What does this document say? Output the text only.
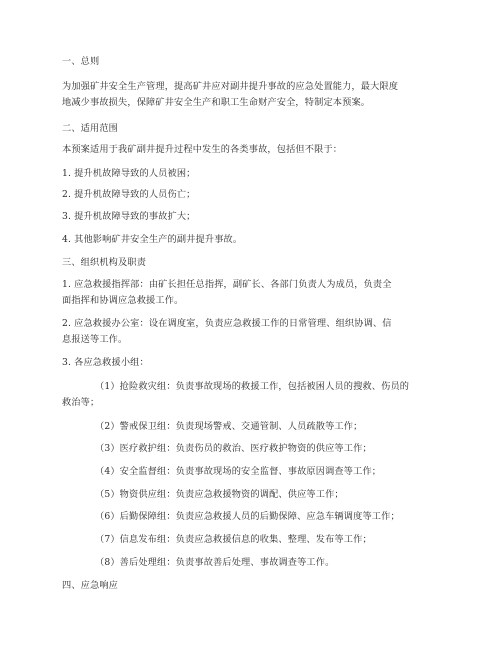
一、总则
为加强矿井安全生产管理，提高矿井应对副井提升事故的应急处置能力，最大限度
地减少事故损失，保障矿井安全生产和职工生命财产安全，特制定本预案。
二、适用范围
本预案适用于我矿副井提升过程中发生的各类事故，包括但不限于：
1. 提升机故障导致的人员被困；
2. 提升机故障导致的人员伤亡；
3. 提升机故障导致的事故扩大；
4. 其他影响矿井安全生产的副井提升事故。
三、组织机构及职责
1. 应急救援指挥部：由矿长担任总指挥，副矿长、各部门负责人为成员，负责全
面指挥和协调应急救援工作。
2. 应急救援办公室：设在调度室，负责应急救援工作的日常管理、组织协调、信
息报送等工作。
3. 各应急救援小组：
（1）抢险救灾组：负责事故现场的救援工作，包括被困人员的搜救、伤员的
救治等；
（2）警戒保卫组：负责现场警戒、交通管制、人员疏散等工作；
（3）医疗救护组：负责伤员的救治、医疗救护物资的供应等工作；
（4）安全监督组：负责事故现场的安全监督、事故原因调查等工作；
（5）物资供应组：负责应急救援物资的调配、供应等工作；
（6）后勤保障组：负责应急救援人员的后勤保障、应急车辆调度等工作；
（7）信息发布组：负责应急救援信息的收集、整理、发布等工作；
（8）善后处理组：负责事故善后处理、事故调查等工作。
四、应急响应
